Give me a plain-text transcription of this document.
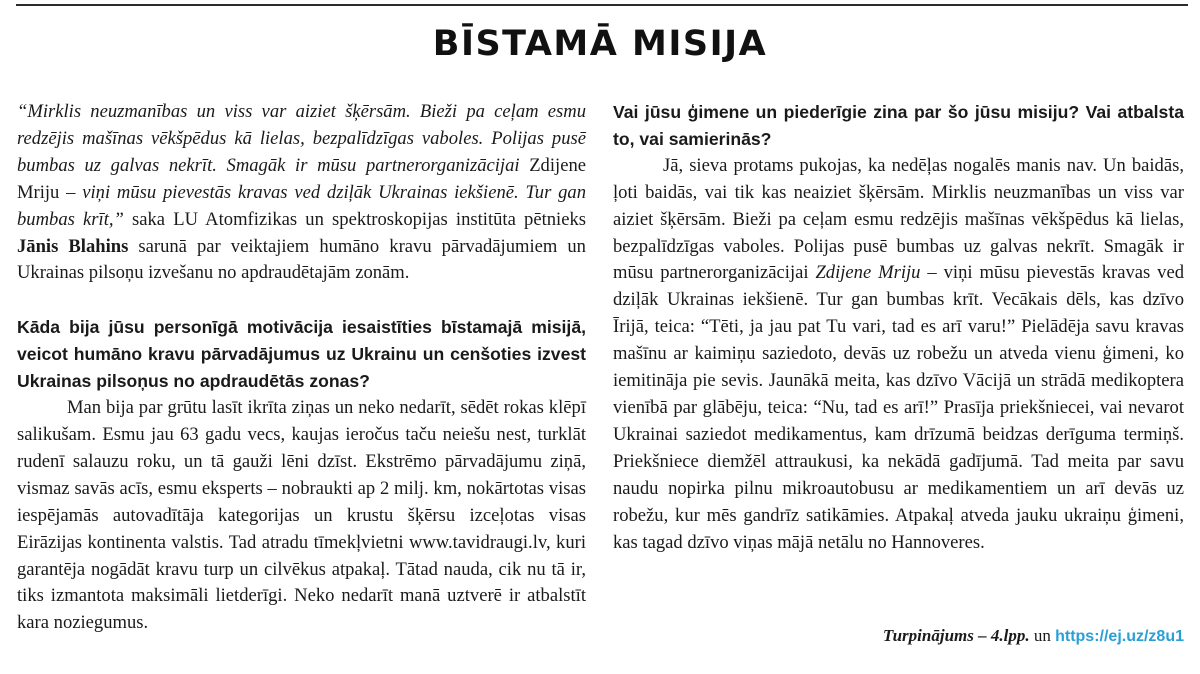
BĪSTAMĀ MISIJA

“Mirklis neuzmanības un viss var aiziet šķērsām. Bieži pa ceļam esmu redzējis mašīnas vēkšpēdus kā lielas, bezpalīdzīgas vaboles. Polijas pusē bumbas uz galvas nekrīt. Smagāk ir mūsu partnerorganizācijai Zdijene Mriju – viņi mūsu pievestās kravas ved dziļāk Ukrainas iekšienē. Tur gan bumbas krīt,” saka LU Atomfizikas un spektroskopijas institūta pētnieks Jānis Blahins sarunā par veiktajiem humāno kravu pārvadājumiem un Ukrainas pilsoņu izvešanu no apdraudētajām zonām.

Kāda bija jūsu personīgā motivācija iesaistīties bīstamajā misijā, veicot humāno kravu pārvadājumus uz Ukrainu un cenšoties izvest Ukrainas pilsoņus no apdraudētās zonas?

Man bija par grūtu lasīt ikrīta ziņas un neko nedarīt, sēdēt rokas klēpī salikušam. Esmu jau 63 gadu vecs, kaujas ieročus taču neiešu nest, turklāt rudenī salauzu roku, un tā gauži lēni dzīst. Ekstrēmo pārvadājumu ziņā, vismaz savās acīs, esmu eksperts – nobraukti ap 2 milj. km, nokārtotas visas iespējamās autovadītāja kategorijas un krustu šķērsu izceļotas visas Eirāzijas kontinenta valstis. Tad atradu tīmekļvietni www.tavidraugi.lv, kuri garantēja nogādāt kravu turp un cilvēkus atpakaļ. Tātad nauda, cik nu tā ir, tiks izmantota maksimāli lietderīgi. Neko nedarīt manā uztverē ir atbalstīt kara noziegumus.

Vai jūsu ģimene un piederīgie zina par šo jūsu misiju? Vai atbalsta to, vai samierinās?

Jā, sieva protams pukojas, ka nedēļas nogalēs manis nav. Un baidās, ļoti baidās, vai tik kas neaiziet šķērsām. Mirklis neuzmanības un viss var aiziet šķērsām. Bieži pa ceļam esmu redzējis mašīnas vēkšpēdus kā lielas, bezpalīdzīgas vaboles. Polijas pusē bumbas uz galvas nekrīt. Smagāk ir mūsu partnerorganizācijai Zdijene Mriju – viņi mūsu pievestās kravas ved dziļāk Ukrainas iekšienē. Tur gan bumbas krīt. Vecākais dēls, kas dzīvo Īrijā, teica: “Tēti, ja jau pat Tu vari, tad es arī varu!” Pielādēja savu kravas mašīnu ar kaimiņu saziedoto, devās uz robežu un atveda vienu ģimeni, ko iemitināja pie sevis. Jaunākā meita, kas dzīvo Vācijā un strādā medikoptera vienībā par glābēju, teica: “Nu, tad es arī!” Prasīja priekšniecei, vai nevarot Ukrainai saziedot medikamentus, kam drīzumā beidzas derīguma termiņš. Priekšniece diemžēl attraukusi, ka nekādā gadījumā. Tad meita par savu naudu nopirka pilnu mikroautobusu ar medikamentiem un arī devās uz robežu, kur mēs gandrīz satikāmies. Atpakaļ atveda jauku ukraiņu ģimeni, kas tagad dzīvo viņas mājā netālu no Hannoveres.

Turpinājums – 4.lpp. un https://ej.uz/z8u1
